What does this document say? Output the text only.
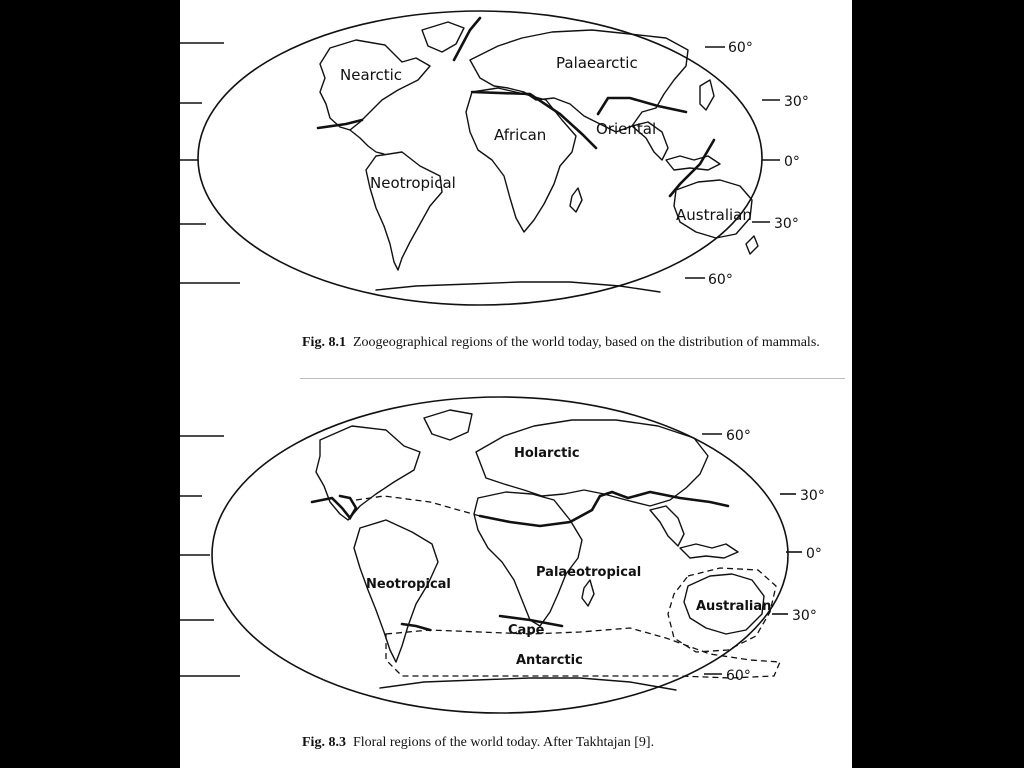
Nearctic
Palaearctic
African	Oriental
Neotropical
Australian
60°
30°
0°
30°
60°
Holarctic
Neotropical
Palaeotropical
Australian
Cape
Antarctic
60°
30°
0°
30°
60°
Fig. 8.1 Zoogeographical regions of the world today, based on the distribution of mammals.
Fig. 8.3 Floral regions of the world today. After Takhtajan [9].
